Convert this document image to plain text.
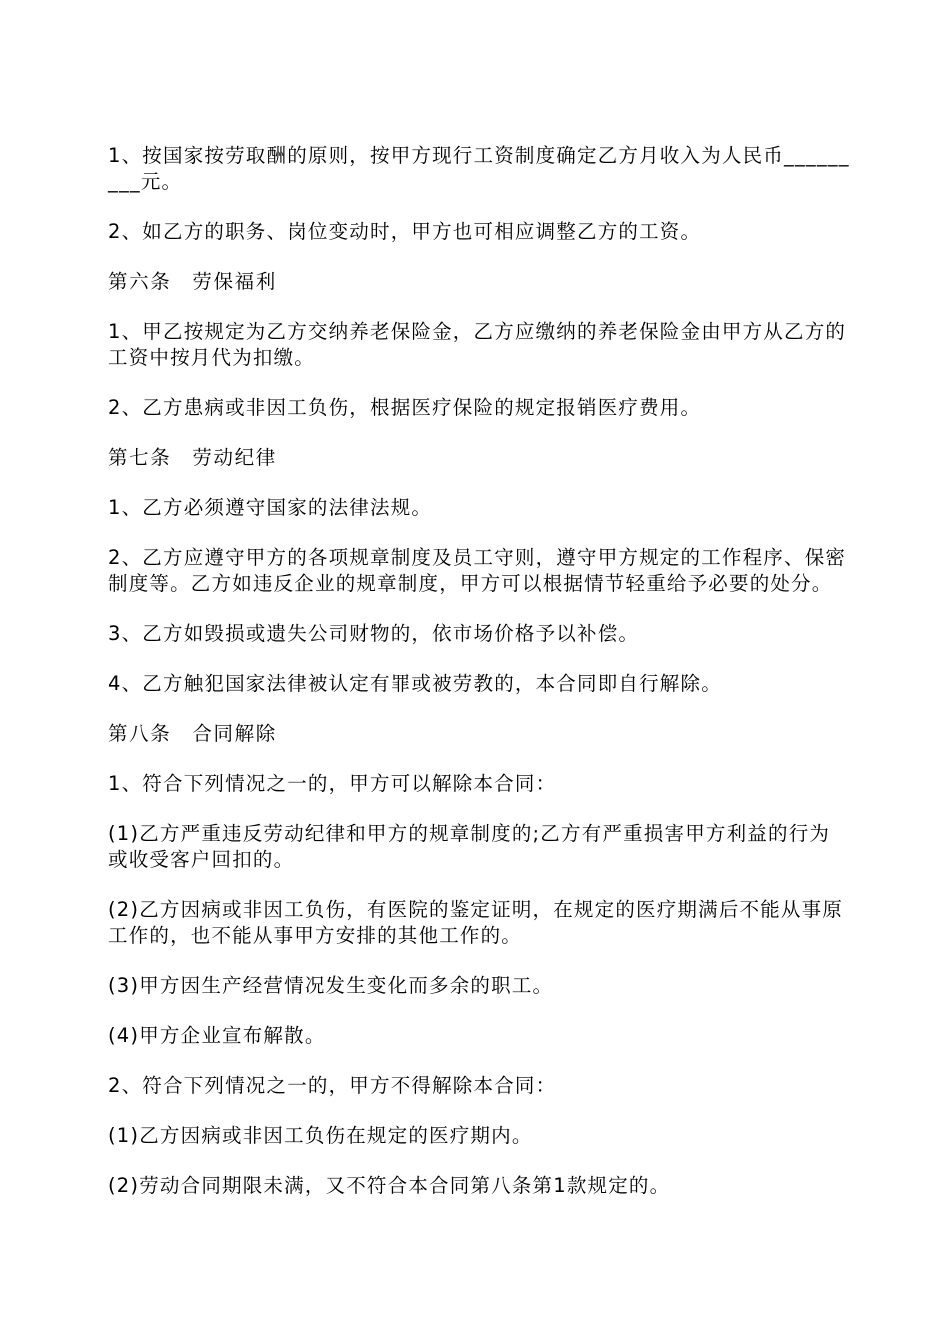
1、按国家按劳取酬的原则，按甲方现行工资制度确定乙方月收入为人民币_________元。

2、如乙方的职务、岗位变动时，甲方也可相应调整乙方的工资。

第六条　劳保福利

1、甲乙按规定为乙方交纳养老保险金，乙方应缴纳的养老保险金由甲方从乙方的工资中按月代为扣缴。

2、乙方患病或非因工负伤，根据医疗保险的规定报销医疗费用。

第七条　劳动纪律

1、乙方必须遵守国家的法律法规。

2、乙方应遵守甲方的各项规章制度及员工守则，遵守甲方规定的工作程序、保密制度等。乙方如违反企业的规章制度，甲方可以根据情节轻重给予必要的处分。

3、乙方如毁损或遗失公司财物的，依市场价格予以补偿。

4、乙方触犯国家法律被认定有罪或被劳教的，本合同即自行解除。

第八条　合同解除

1、符合下列情况之一的，甲方可以解除本合同：

(1)乙方严重违反劳动纪律和甲方的规章制度的;乙方有严重损害甲方利益的行为或收受客户回扣的。

(2)乙方因病或非因工负伤，有医院的鉴定证明，在规定的医疗期满后不能从事原工作的，也不能从事甲方安排的其他工作的。

(3)甲方因生产经营情况发生变化而多余的职工。

(4)甲方企业宣布解散。

2、符合下列情况之一的，甲方不得解除本合同：

(1)乙方因病或非因工负伤在规定的医疗期内。

(2)劳动合同期限未满，又不符合本合同第八条第1款规定的。
